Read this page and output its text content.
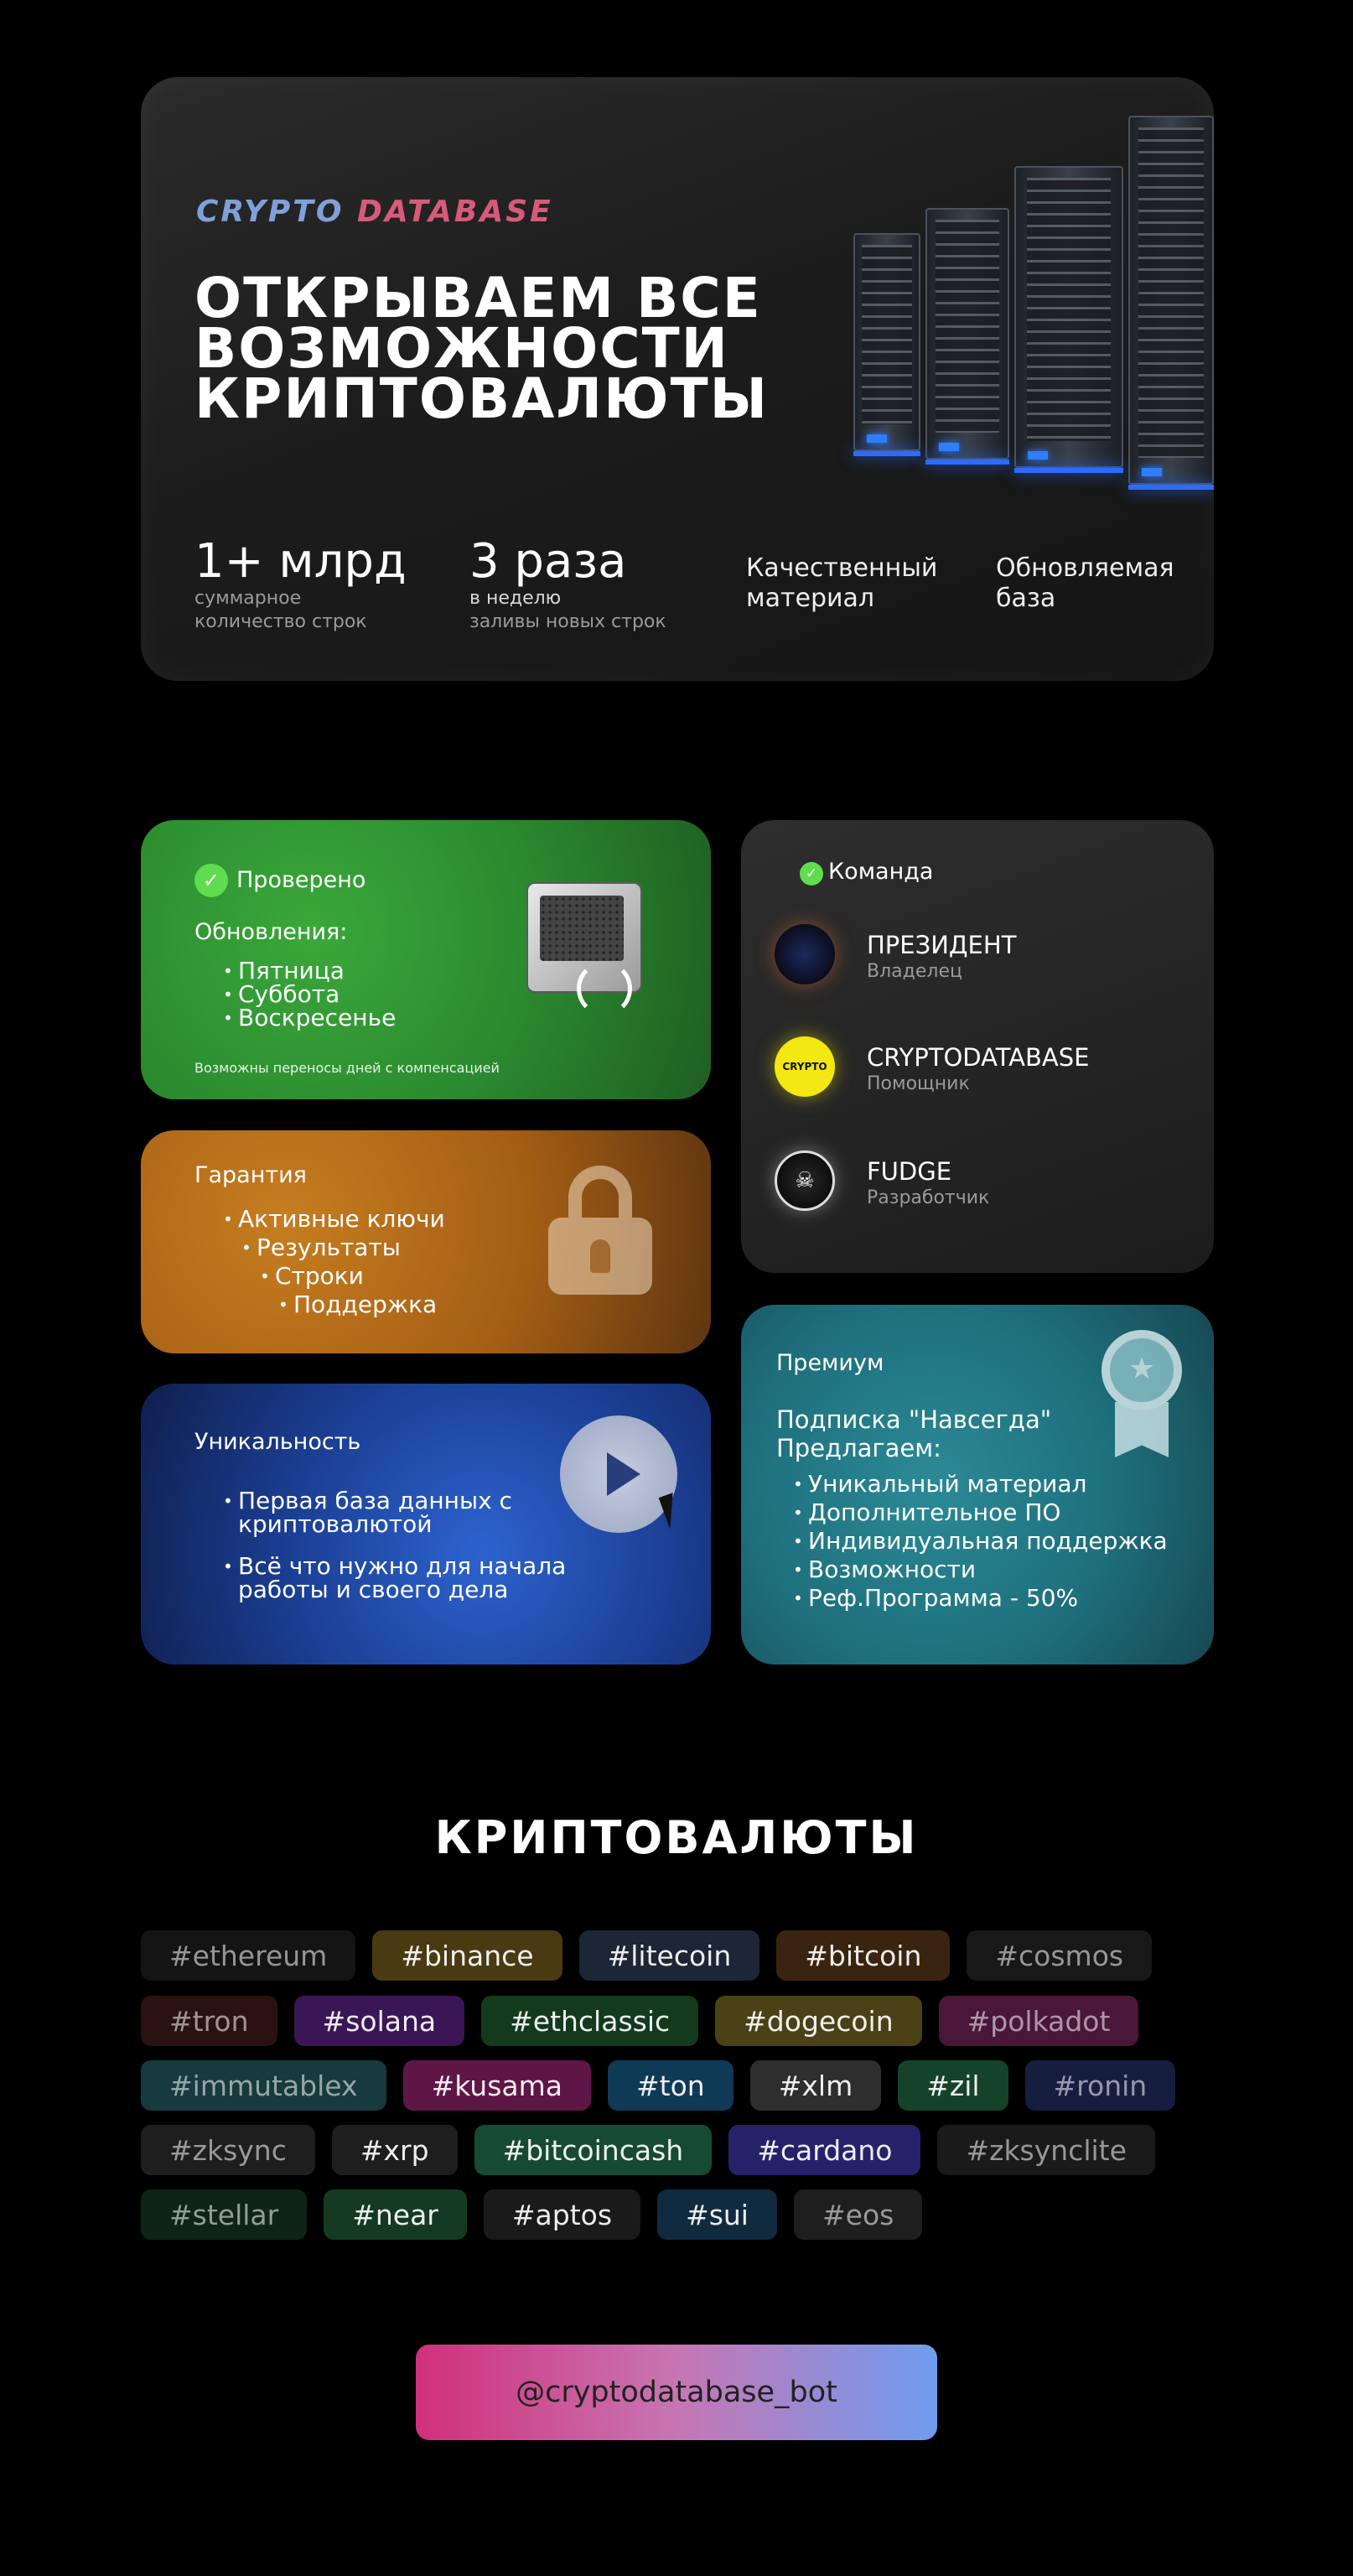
CRYPTO DATABASE
ОТКРЫВАЕМ ВСЕ
ВОЗМОЖНОСТИ
КРИПТОВАЛЮТЫ
1+ млрд
суммарное
количество строк
3 раза
в неделю
заливы новых строк
Качественный
материал
Обновляемая
база
✓ Проверено
Обновления:
• Пятница
• Суббота
• Воскресенье
Возможны переносы дней с компенсацией
Гарантия
• Активные ключи
• Результаты
• Строки
• Поддержка
Уникальность
• Первая база данных с
криптовалютой
• Всё что нужно для начала
работы и своего дела
✓ Команда
ПРЕЗИДЕНТ
Владелец
CRYPTO CRYPTODATABASE
Помощник
☠	FUDGE
Разработчик
Премиум
Подписка "Навсегда"
Предлагаем:
• Уникальный материал
• Дополнительное ПО
• Индивидуальная поддержка
• Возможности
• Реф.Программа - 50%
★
КРИПТОВАЛЮТЫ
#ethereum	#binance	#litecoin	#bitcoin	#cosmos
#tron	#solana	#ethclassic	#dogecoin	#polkadot
#immutablex	#kusama	#ton	#xlm	#zil	#ronin
#zksync	#xrp	#bitcoincash	#cardano	#zksynclite
#stellar	#near	#aptos	#sui	#eos
@cryptodatabase_bot
